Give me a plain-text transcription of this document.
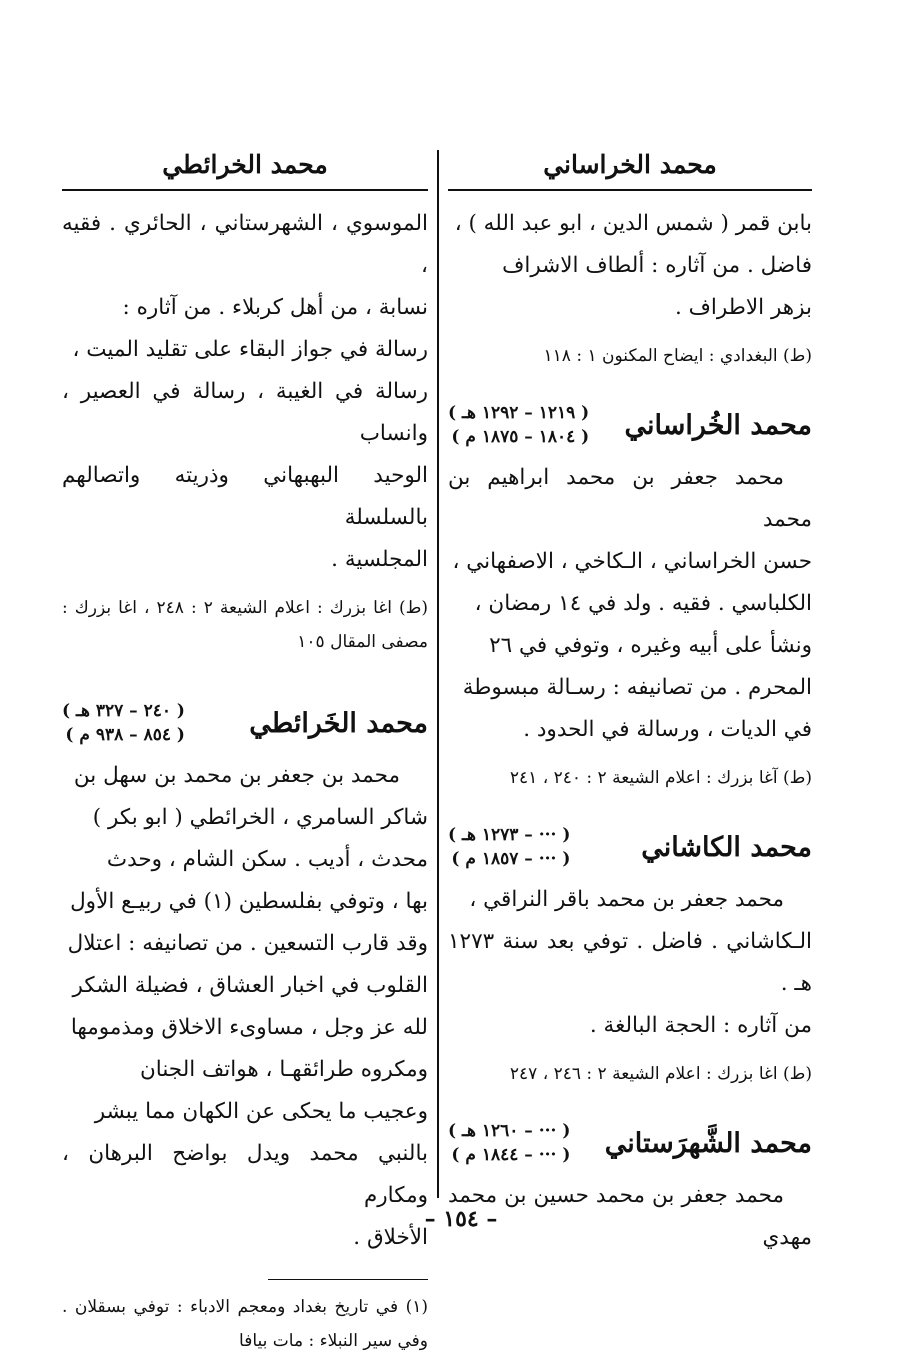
محمد الخراساني

بابن قمر ( شمس الدين ، ابو عبد الله ) ،

فاضل . من آثاره : ألطاف الاشراف

بزهر الاطراف .

(ط) البغدادي : ايضاح المكنون ١ : ١١٨

محمد الخُراساني
( ١٢١٩ – ١٢٩٢ هـ )
( ١٨٠٤ – ١٨٧٥ م )

محمد جعفر بن محمد ابراهيم بن محمد

حسن الخراساني ، الـكاخي ، الاصفهاني ،

الكلباسي . فقيه . ولد في ١٤ رمضان ،

ونشأ على أبيه وغيره ، وتوفي في ٢٦

المحرم . من تصانيفه : رسـالة مبسوطة

في الديات ، ورسالة في الحدود .

(ط) آغا بزرك : اعلام الشيعة ٢ : ٢٤٠ ، ٢٤١

محمد الكاشاني
( ··· – ١٢٧٣ هـ )
( ··· – ١٨٥٧ م )

محمد جعفر بن محمد باقر النراقي ،

الـكاشاني . فاضل . توفي بعد سنة ١٢٧٣ هـ .

من آثاره : الحجة البالغة .

(ط) اغا بزرك : اعلام الشيعة ٢ : ٢٤٦ ، ٢٤٧

محمد الشَّهرَستاني
( ··· – ١٢٦٠ هـ )
( ··· – ١٨٤٤ م )

محمد جعفر بن محمد حسين بن محمد مهدي

محمد الخرائطي

الموسوي ، الشهرستاني ، الحائري . فقيه ،

نسابة ، من أهل كربلاء . من آثاره :

رسالة في جواز البقاء على تقليد الميت ،

رسالة في الغيبة ، رسالة في العصير ، وانساب

الوحيد البهبهاني وذريته واتصالهم بالسلسلة

المجلسية .

(ط) اغا بزرك : اعلام الشيعة ٢ : ٢٤٨ ، اغا بزرك : مصفى المقال ١٠٥

محمد الخَرائطي
( ٢٤٠ – ٣٢٧ هـ )
( ٨٥٤ – ٩٣٨ م )

محمد بن جعفر بن محمد بن سهل بن

شاكر السامري ، الخرائطي ( ابو بكر )

محدث ، أديب . سكن الشام ، وحدث

بها ، وتوفي بفلسطين (١) في ربيـع الأول

وقد قارب التسعين . من تصانيفه : اعتلال

القلوب في اخبار العشاق ، فضيلة الشكر

لله عز وجل ، مساوىء الاخلاق ومذمومها

ومكروه طرائقهـا ، هواتف الجنان

وعجيب ما يحكى عن الكهان مما يبشر

بالنبي محمد ويدل بواضح البرهان ، ومكارم

الأخلاق .

(١) في تاريخ بغداد ومعجم الادباء : توفي بسقلان . وفي سير النبلاء : مات بيافا

– ١٥٤ –
